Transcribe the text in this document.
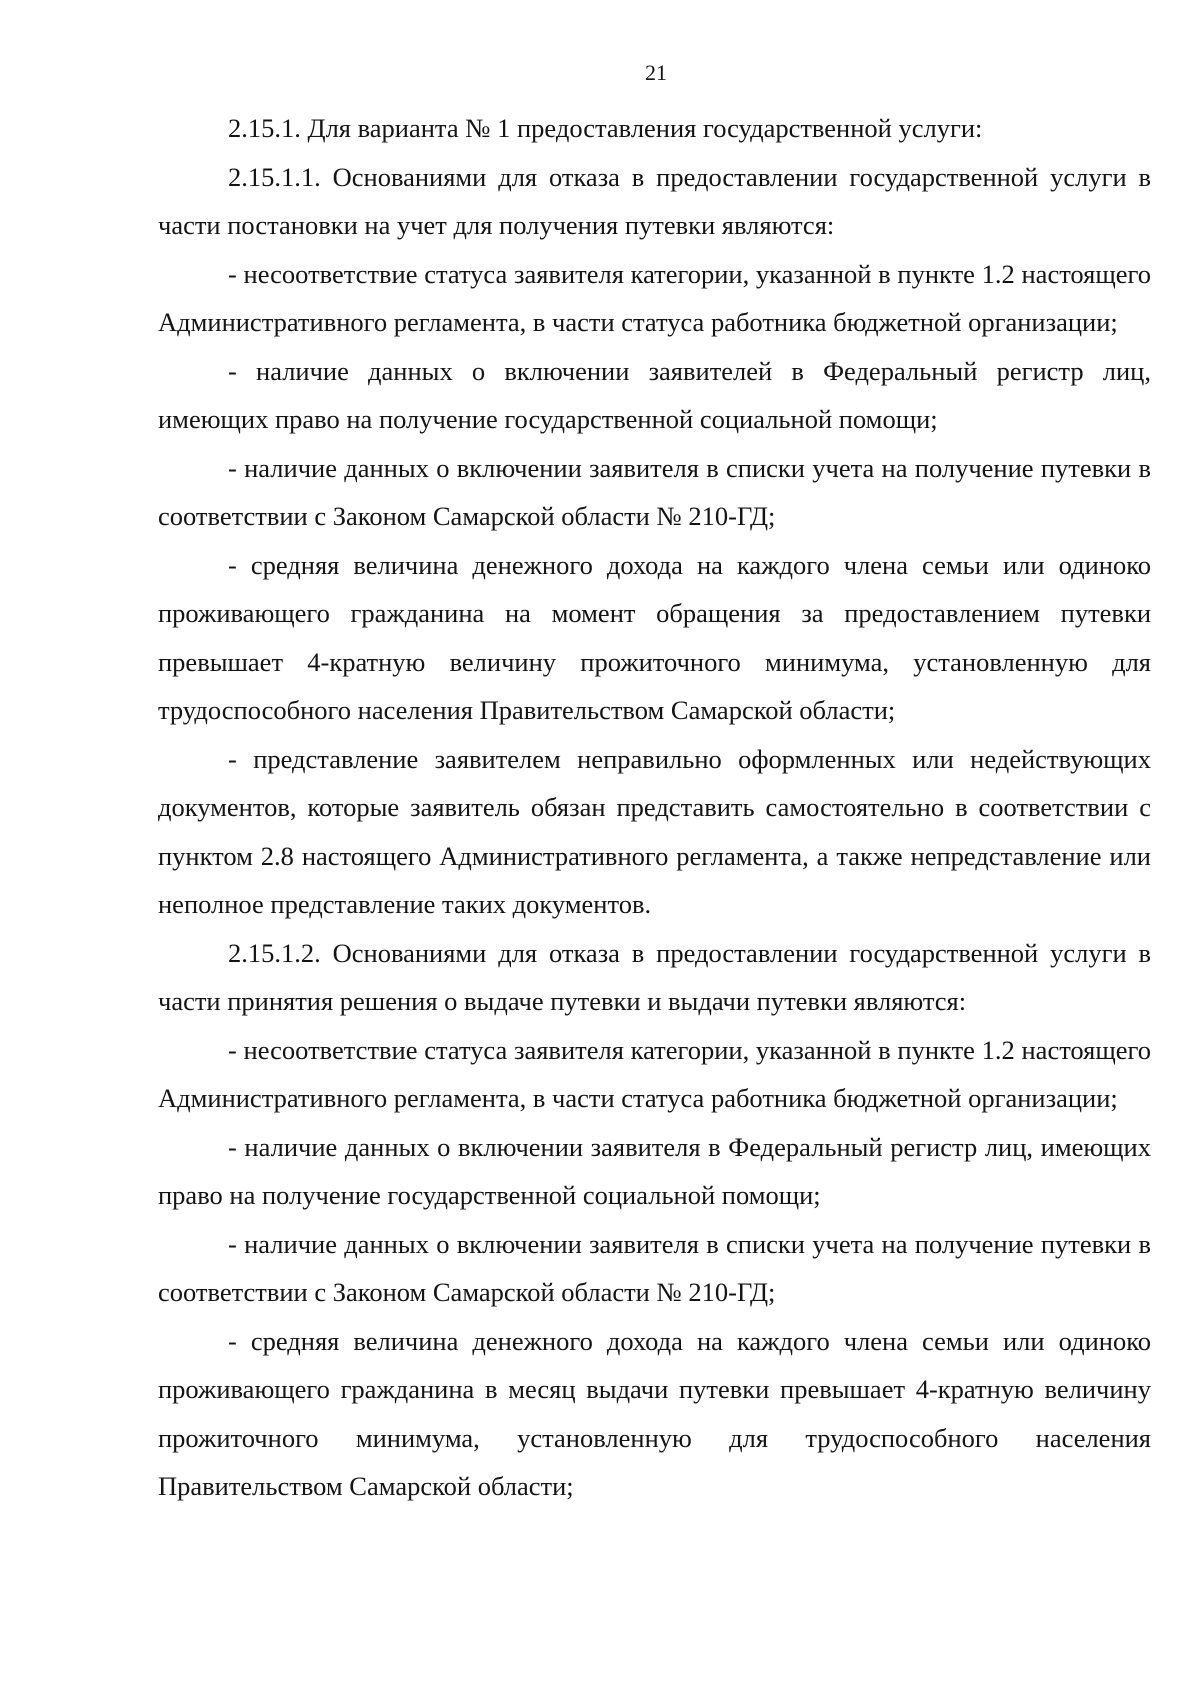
21

2.15.1. Для варианта № 1 предоставления государственной услуги:

2.15.1.1. Основаниями для отказа в предоставлении государственной услуги в части постановки на учет для получения путевки являются:

- несоответствие статуса заявителя категории, указанной в пункте 1.2 настоящего Административного регламента, в части статуса работника бюджетной организации;

- наличие данных о включении заявителей в Федеральный регистр лиц, имеющих право на получение государственной социальной помощи;

- наличие данных о включении заявителя в списки учета на получение путевки в соответствии с Законом Самарской области № 210-ГД;

- средняя величина денежного дохода на каждого члена семьи или одиноко проживающего гражданина на момент обращения за предоставлением путевки превышает 4-кратную величину прожиточного минимума, установленную для трудоспособного населения Правительством Самарской области;

- представление заявителем неправильно оформленных или недействующих документов, которые заявитель обязан представить самостоятельно в соответствии с пунктом 2.8 настоящего Административного регламента, а также непредставление или неполное представление таких документов.

2.15.1.2. Основаниями для отказа в предоставлении государственной услуги в части принятия решения о выдаче путевки и выдачи путевки являются:

- несоответствие статуса заявителя категории, указанной в пункте 1.2 настоящего Административного регламента, в части статуса работника бюджетной организации;

- наличие данных о включении заявителя в Федеральный регистр лиц, имеющих право на получение государственной социальной помощи;

- наличие данных о включении заявителя в списки учета на получение путевки в соответствии с Законом Самарской области № 210-ГД;

- средняя величина денежного дохода на каждого члена семьи или одиноко проживающего гражданина в месяц выдачи путевки превышает 4-кратную величину прожиточного минимума, установленную для трудоспособного населения Правительством Самарской области;
